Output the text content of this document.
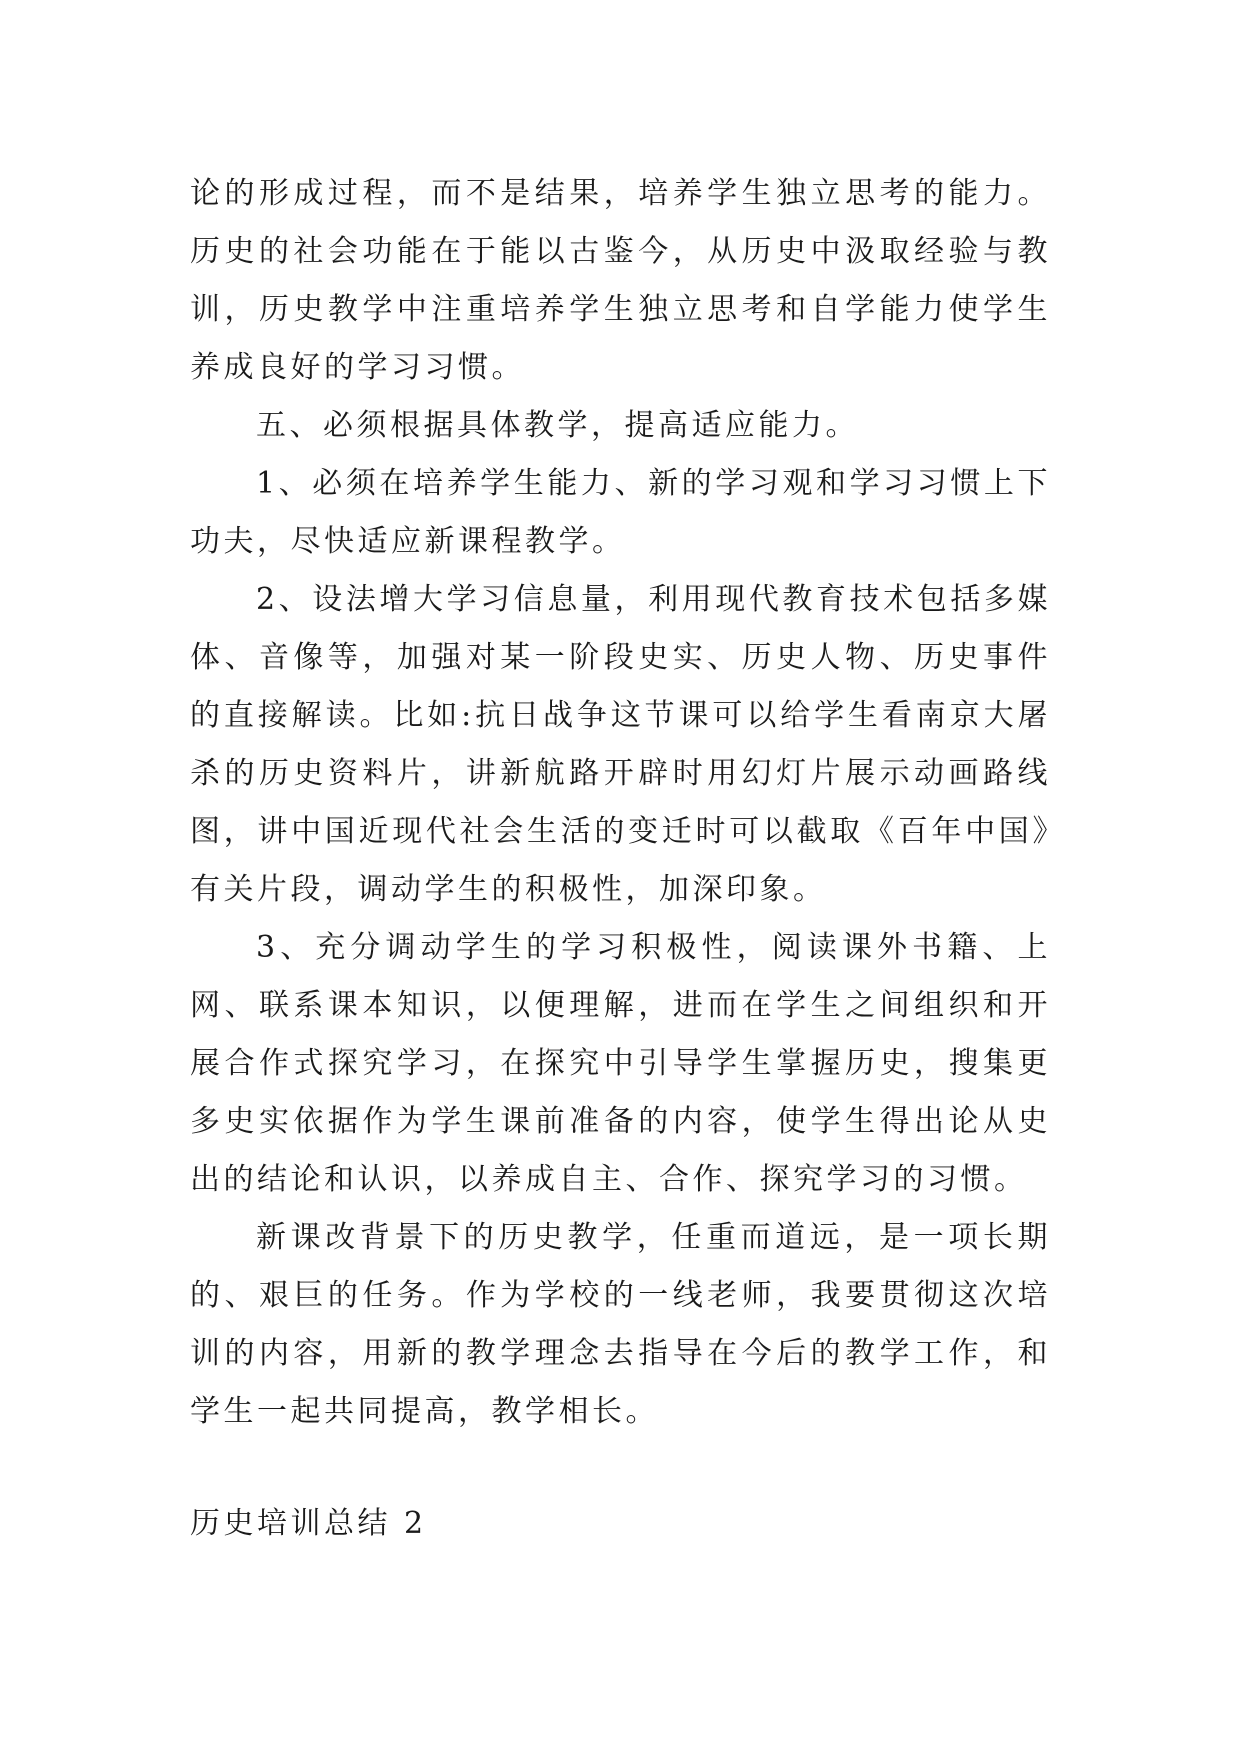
论的形成过程，而不是结果，培养学生独立思考的能力。历史的社会功能在于能以古鉴今，从历史中汲取经验与教训，历史教学中注重培养学生独立思考和自学能力使学生养成良好的学习习惯。

五、必须根据具体教学，提高适应能力。

1、必须在培养学生能力、新的学习观和学习习惯上下功夫，尽快适应新课程教学。

2、设法增大学习信息量，利用现代教育技术包括多媒体、音像等，加强对某一阶段史实、历史人物、历史事件的直接解读。比如:抗日战争这节课可以给学生看南京大屠杀的历史资料片，讲新航路开辟时用幻灯片展示动画路线图，讲中国近现代社会生活的变迁时可以截取《百年中国》有关片段，调动学生的积极性，加深印象。

3、充分调动学生的学习积极性，阅读课外书籍、上网、联系课本知识，以便理解，进而在学生之间组织和开展合作式探究学习，在探究中引导学生掌握历史，搜集更多史实依据作为学生课前准备的内容，使学生得出论从史出的结论和认识，以养成自主、合作、探究学习的习惯。

新课改背景下的历史教学，任重而道远，是一项长期的、艰巨的任务。作为学校的一线老师，我要贯彻这次培训的内容，用新的教学理念去指导在今后的教学工作，和学生一起共同提高，教学相长。

历史培训总结 2
